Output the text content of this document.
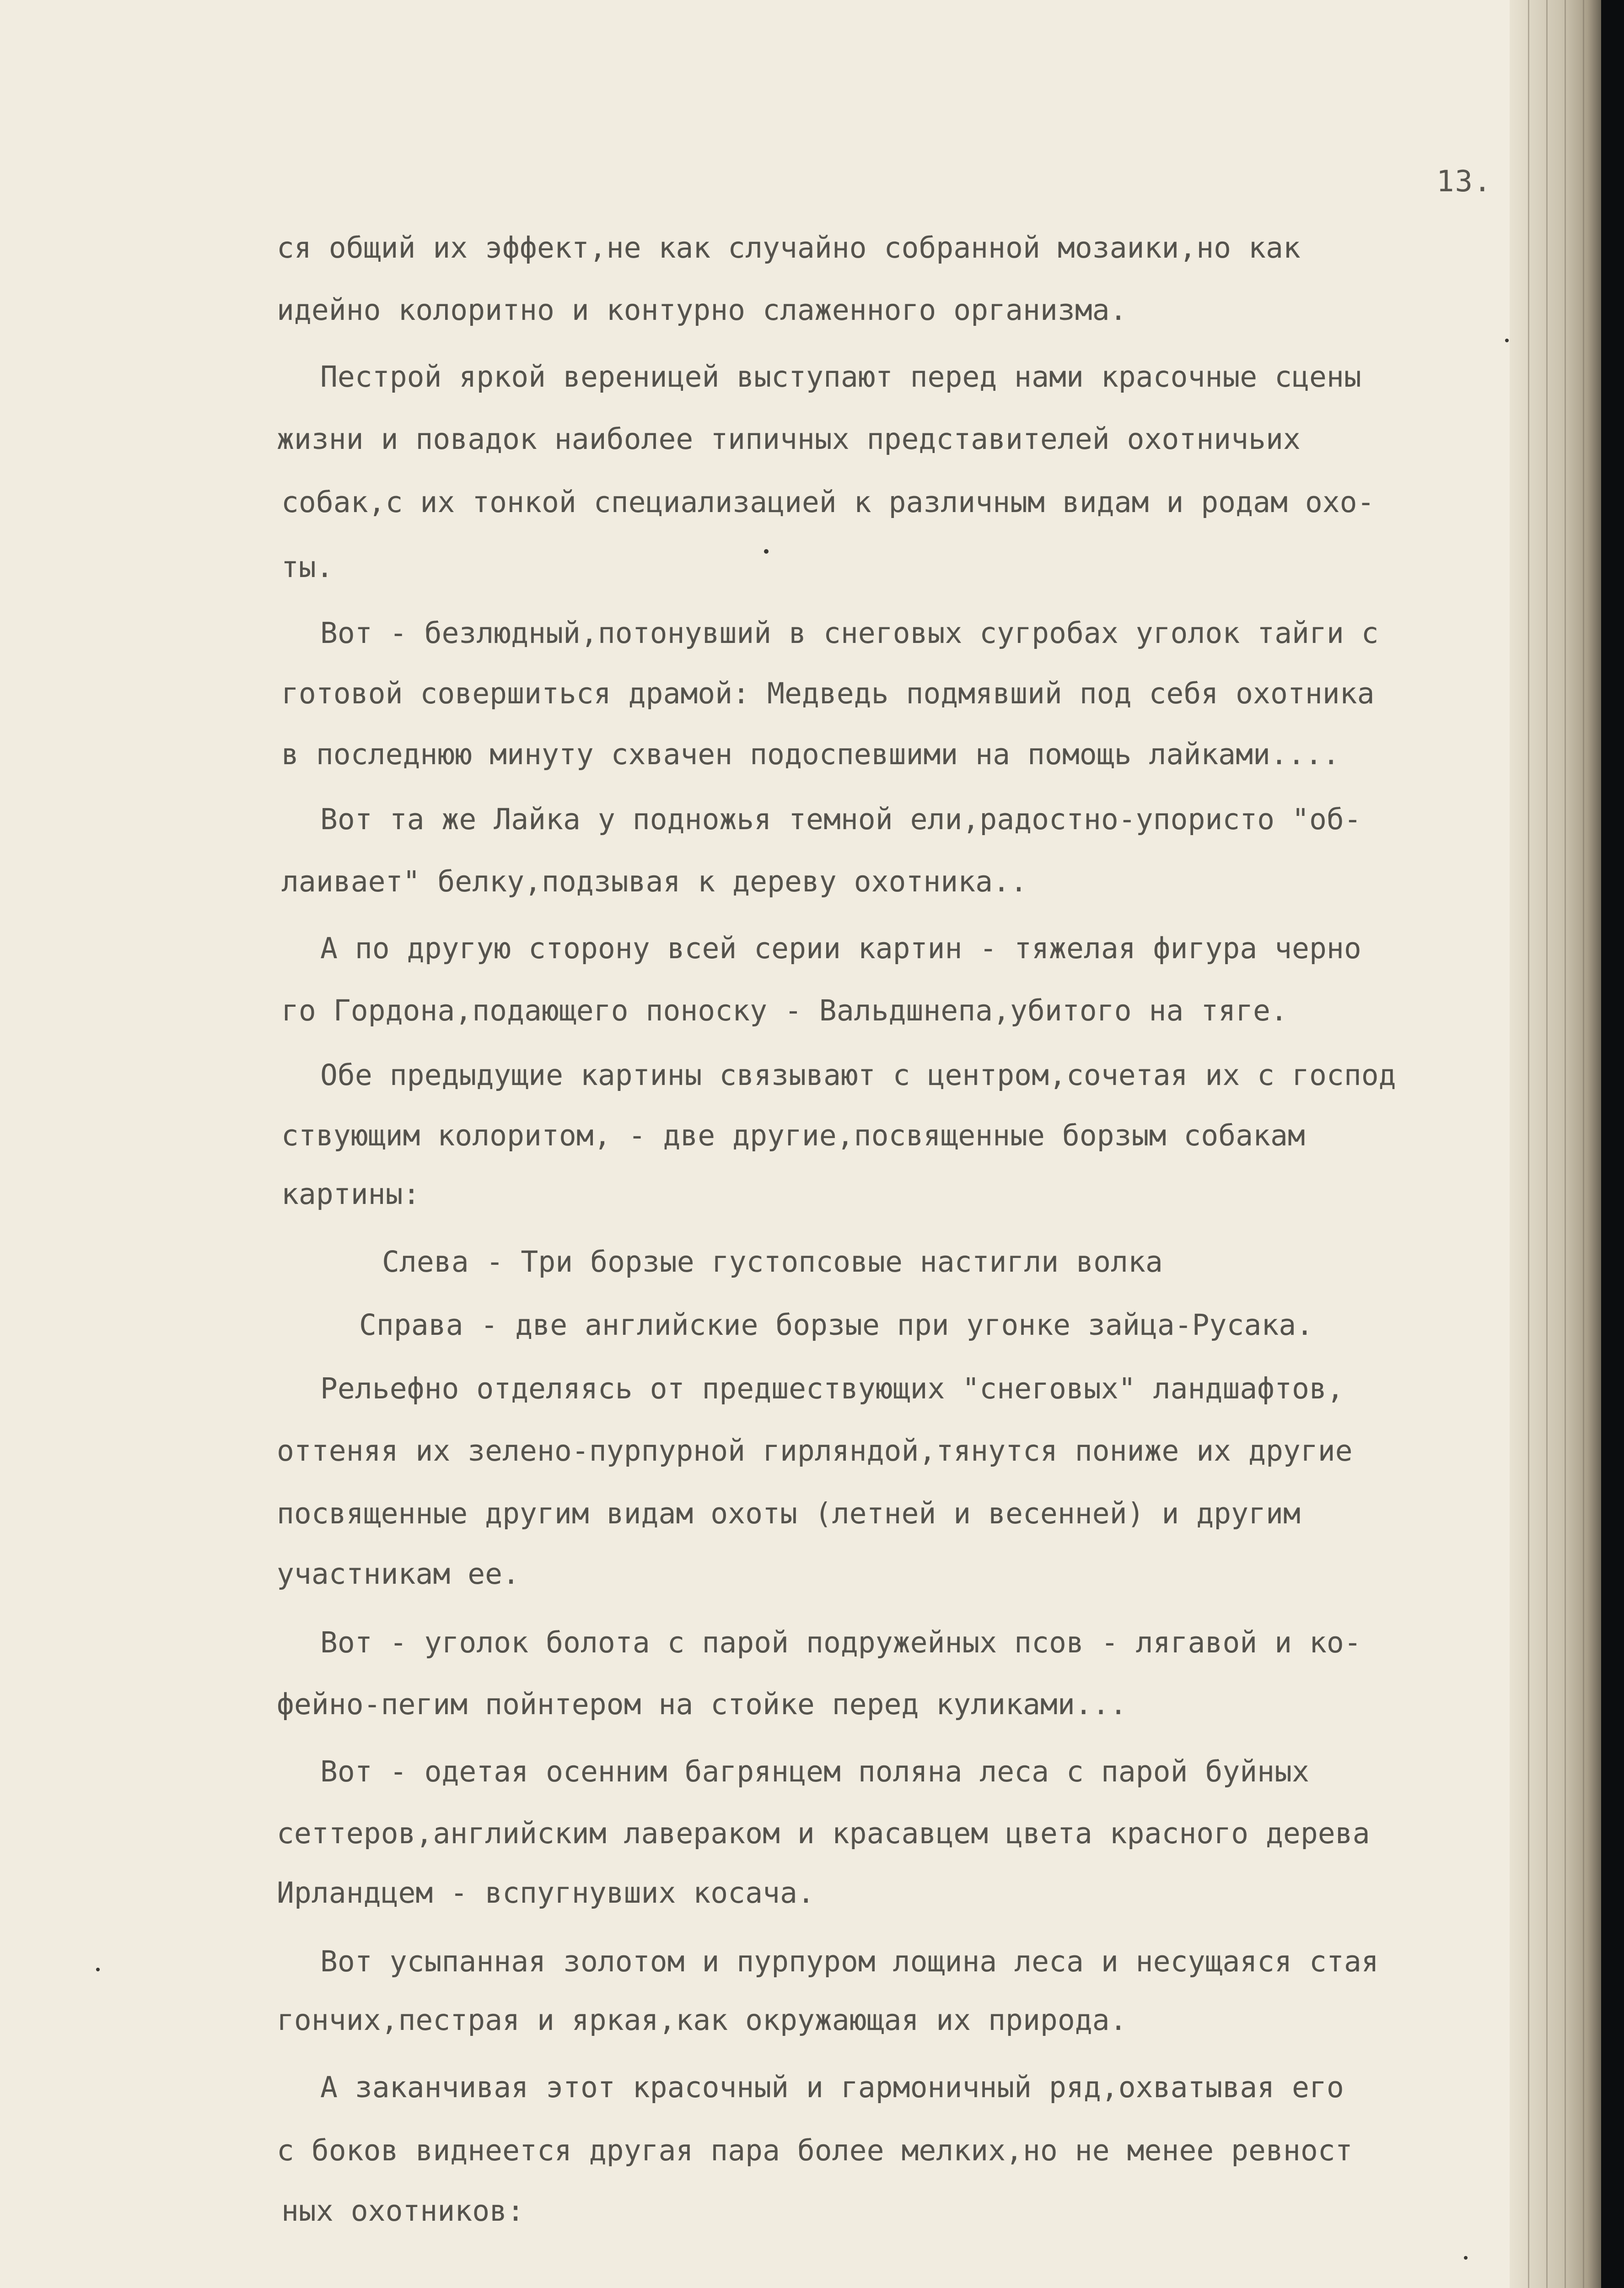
13.
ся общий их эффект,не как случайно собранной мозаики,но как
идейно колоритно и контурно слаженного организма.
Пестрой яркой вереницей выступают перед нами красочные сцены
жизни и повадок наиболее типичных представителей охотничьих
собак,с их тонкой специализацией к различным видам и родам охо-
ты.
Вот - безлюдный,потонувший в снеговых сугробах уголок тайги с
готовой совершиться драмой: Медведь подмявший под себя охотника
в последнюю минуту схвачен подоспевшими на помощь лайками....
Вот та же Лайка у подножья темной ели,радостно-упористо "об-
лаивает" белку,подзывая к дереву охотника..
А по другую сторону всей серии картин - тяжелая фигура черно
го Гордона,подающего поноску - Вальдшнепа,убитого на тяге.
Обе предыдущие картины связывают с центром,сочетая их с господ
ствующим колоритом, - две другие,посвященные борзым собакам
картины:
Слева - Три борзые густопсовые настигли волка
Справа - две английские борзые при угонке зайца-Русака.
Рельефно отделяясь от предшествующих "снеговых" ландшафтов,
оттеняя их зелено-пурпурной гирляндой,тянутся пониже их другие
посвященные другим видам охоты (летней и весенней) и другим
участникам ее.
Вот - уголок болота с парой подружейных псов - лягавой и ко-
фейно-пегим пойнтером на стойке перед куликами...
Вот - одетая осенним багрянцем поляна леса с парой буйных
сеттеров,английским лавераком и красавцем цвета красного дерева
Ирландцем - вспугнувших косача.
Вот усыпанная золотом и пурпуром лощина леса и несущаяся стая
гончих,пестрая и яркая,как окружающая их природа.
А заканчивая этот красочный и гармоничный ряд,охватывая его
с боков виднеется другая пара более мелких,но не менее ревност
ных охотников:
